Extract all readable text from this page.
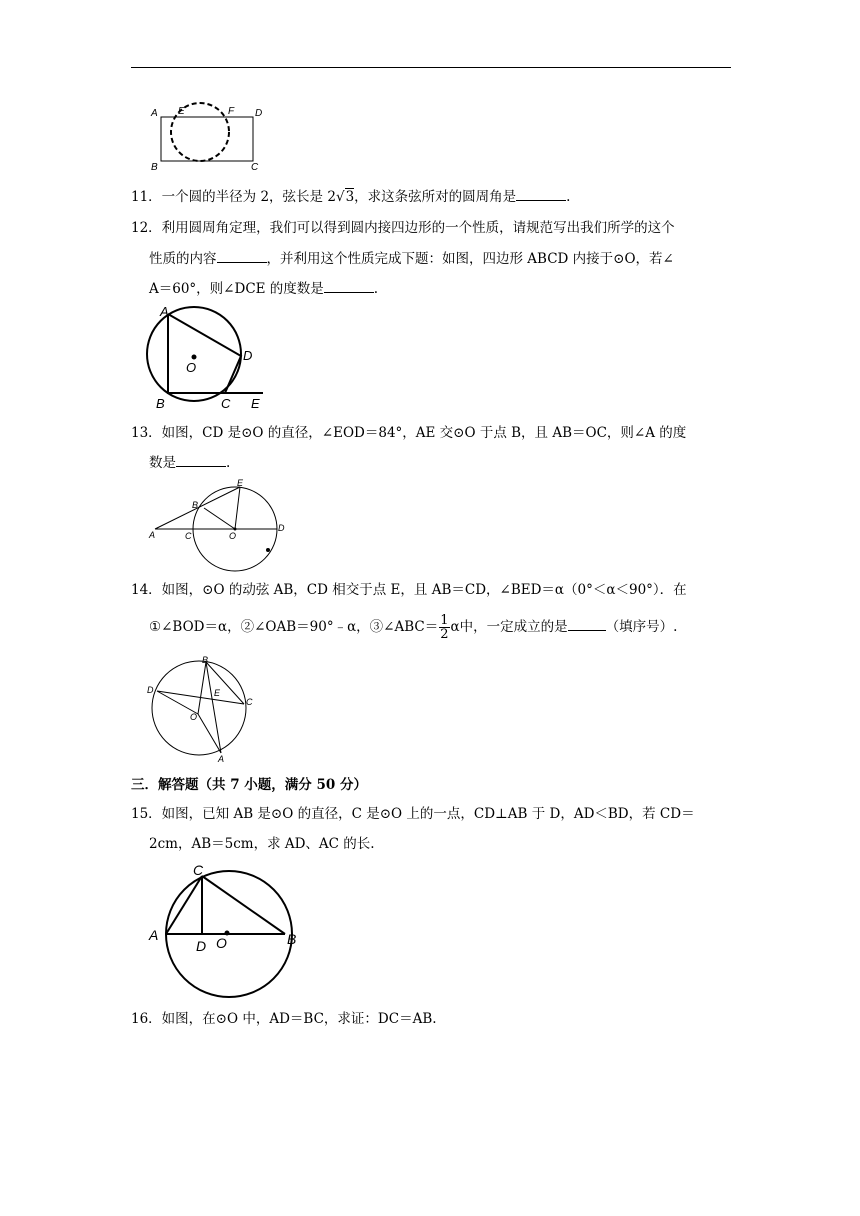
A E	F D
B	C
11．一个圆的半径为 2，弦长是 2√3，求这条弦所对的圆周角是	.
12．利用圆周角定理，我们可以得到圆内接四边形的一个性质，请规范写出我们所学的这个
性质的内容	，并利用这个性质完成下题：如图，四边形 ABCD 内接于⊙O，若∠
A＝60°，则∠DCE 的度数是	.
A
O
D
B	C E
13．如图，CD 是⊙O 的直径，∠EOD＝84°，AE 交⊙O 于点 B，且 AB＝OC，则∠A 的度
数是	.
E
B
D
A	C	O
14．如图，⊙O 的动弦 AB，CD 相交于点 E，且 AB＝CD，∠BED＝α（0°＜α＜90°）．在
①∠BOD＝α，②∠OAB＝90°﹣α，③∠ABC＝ $\frac{1}{2}$ α中，一定成立的是	（填序号）.
B
D	E
C
O
A
三．解答题（共 7 小题，满分 50 分）
15．如图，已知 AB 是⊙O 的直径，C 是⊙O 上的一点，CD⊥AB 于 D，AD＜BD，若 CD＝
2cm，AB＝5cm，求 AD、AC 的长.
C
A
D O	B
16．如图，在⊙O 中，AD＝BC，求证：DC＝AB.
